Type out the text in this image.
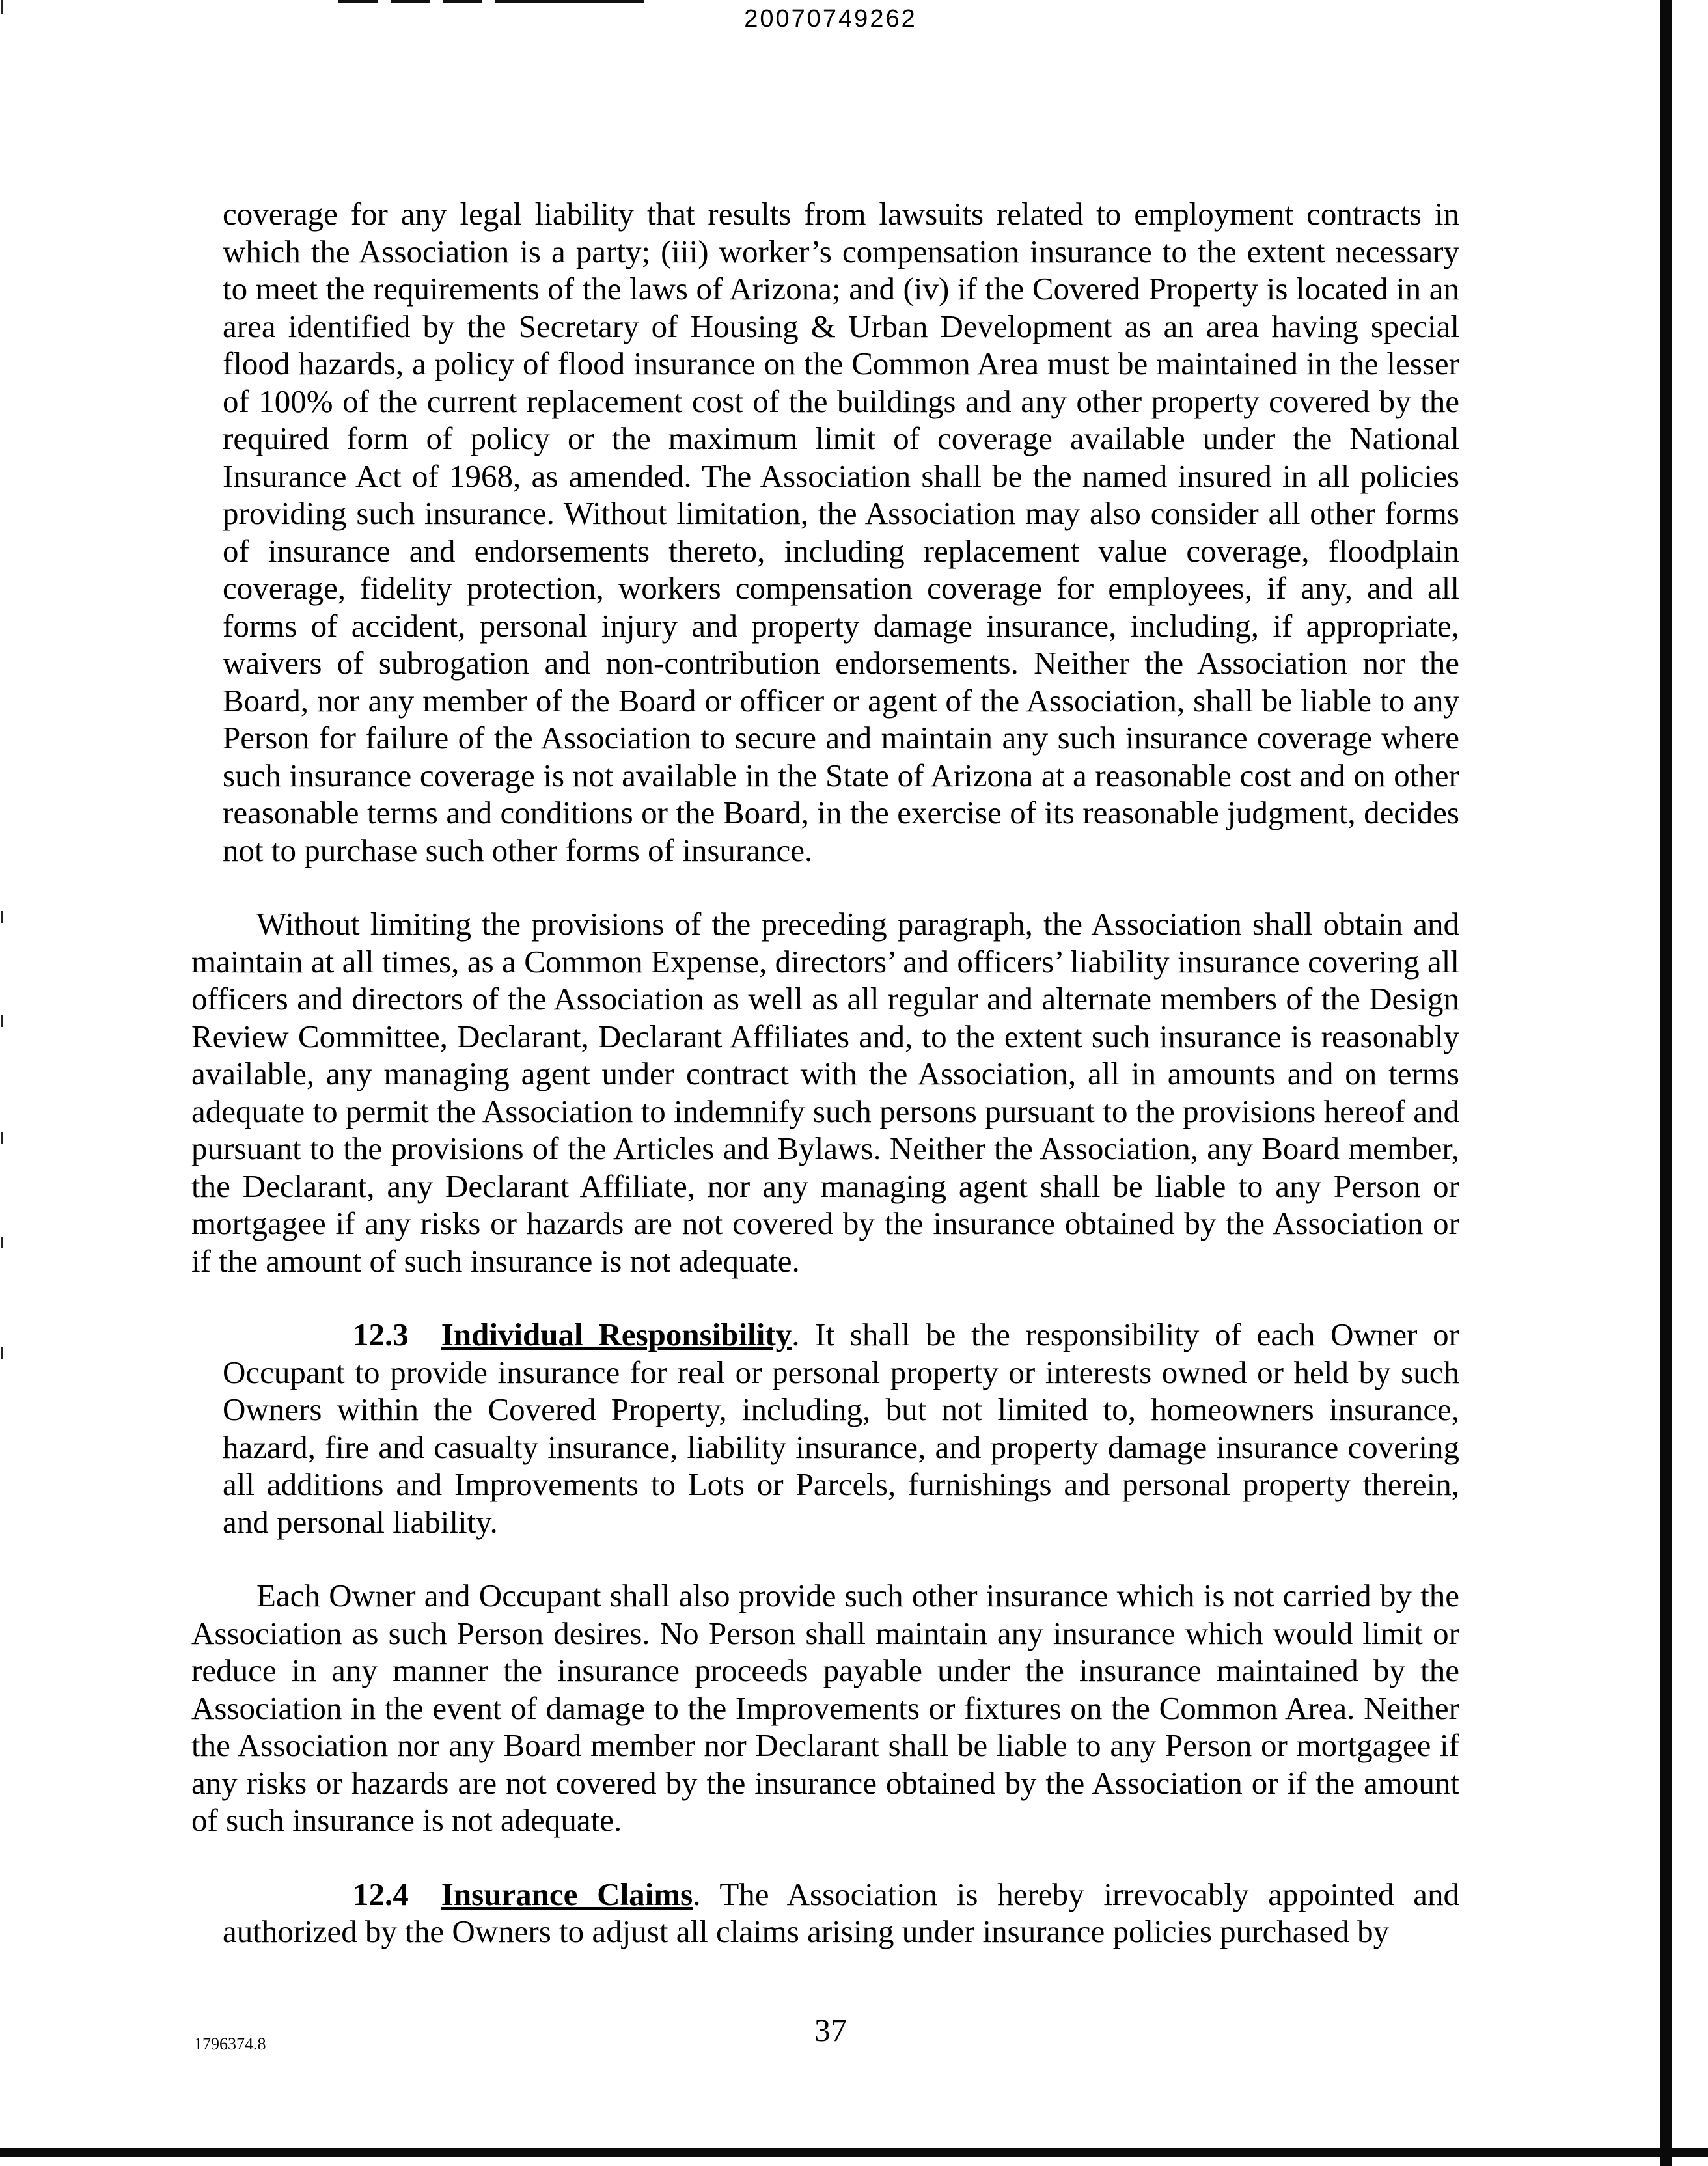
20070749262

coverage for any legal liability that results from lawsuits related to employment contracts in which the Association is a party; (iii) worker’s compensation insurance to the extent necessary to meet the requirements of the laws of Arizona; and (iv) if the Covered Property is located in an area identified by the Secretary of Housing & Urban Development as an area having special flood hazards, a policy of flood insurance on the Common Area must be maintained in the lesser of 100% of the current replacement cost of the buildings and any other property covered by the required form of policy or the maximum limit of coverage available under the National Insurance Act of 1968, as amended. The Association shall be the named insured in all policies providing such insurance. Without limitation, the Association may also consider all other forms of insurance and endorsements thereto, including replacement value coverage, floodplain coverage, fidelity protection, workers compensation coverage for employees, if any, and all forms of accident, personal injury and property damage insurance, including, if appropriate, waivers of subrogation and non-contribution endorsements. Neither the Association nor the Board, nor any member of the Board or officer or agent of the Association, shall be liable to any Person for failure of the Association to secure and maintain any such insurance coverage where such insurance coverage is not available in the State of Arizona at a reasonable cost and on other reasonable terms and conditions or the Board, in the exercise of its reasonable judgment, decides not to purchase such other forms of insurance.

Without limiting the provisions of the preceding paragraph, the Association shall obtain and maintain at all times, as a Common Expense, directors’ and officers’ liability insurance covering all officers and directors of the Association as well as all regular and alternate members of the Design Review Committee, Declarant, Declarant Affiliates and, to the extent such insurance is reasonably available, any managing agent under contract with the Association, all in amounts and on terms adequate to permit the Association to indemnify such persons pursuant to the provisions hereof and pursuant to the provisions of the Articles and Bylaws. Neither the Association, any Board member, the Declarant, any Declarant Affiliate, nor any managing agent shall be liable to any Person or mortgagee if any risks or hazards are not covered by the insurance obtained by the Association or if the amount of such insurance is not adequate.

12.3 Individual Responsibility. It shall be the responsibility of each Owner or Occupant to provide insurance for real or personal property or interests owned or held by such Owners within the Covered Property, including, but not limited to, homeowners insurance, hazard, fire and casualty insurance, liability insurance, and property damage insurance covering all additions and Improvements to Lots or Parcels, furnishings and personal property therein, and personal liability.

Each Owner and Occupant shall also provide such other insurance which is not carried by the Association as such Person desires. No Person shall maintain any insurance which would limit or reduce in any manner the insurance proceeds payable under the insurance maintained by the Association in the event of damage to the Improvements or fixtures on the Common Area. Neither the Association nor any Board member nor Declarant shall be liable to any Person or mortgagee if any risks or hazards are not covered by the insurance obtained by the Association or if the amount of such insurance is not adequate.

12.4 Insurance Claims. The Association is hereby irrevocably appointed and authorized by the Owners to adjust all claims arising under insurance policies purchased by

1796374.8	37
